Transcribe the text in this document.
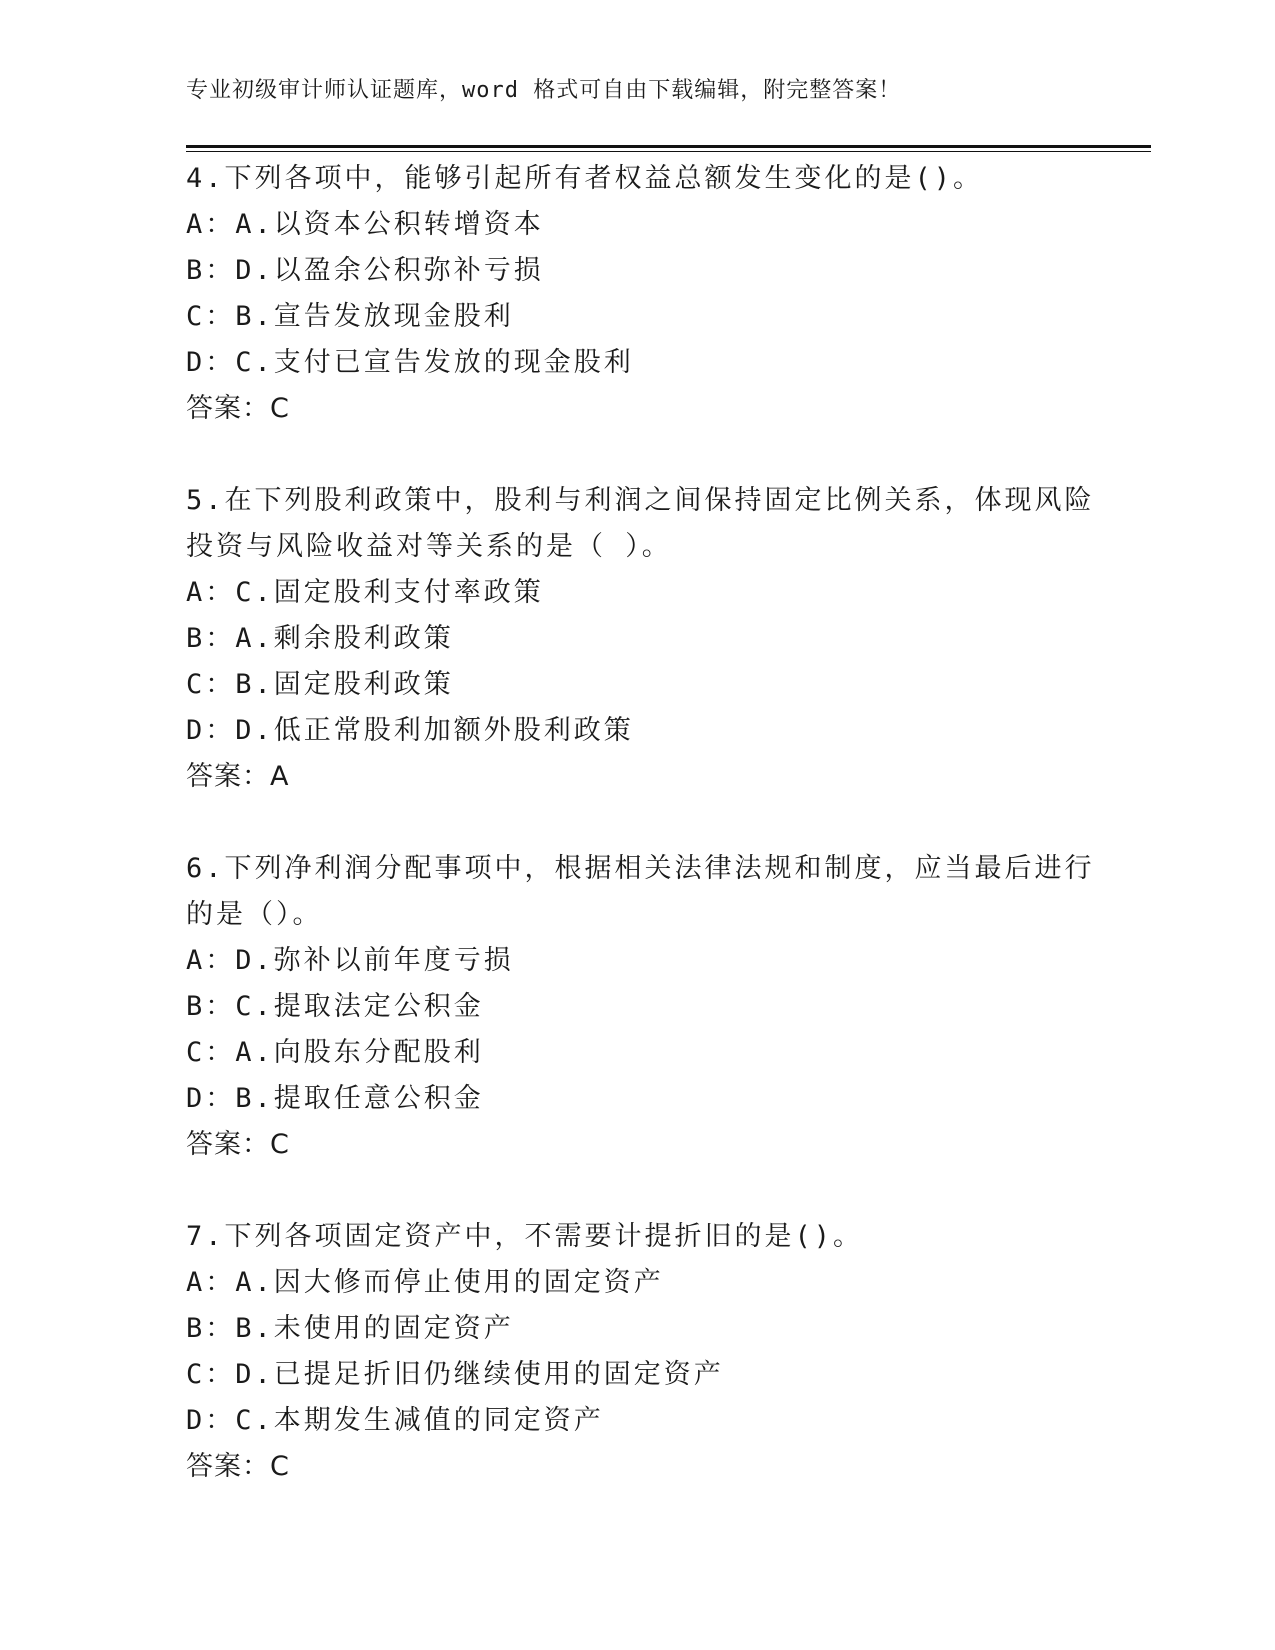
专业初级审计师认证题库，word 格式可自由下载编辑，附完整答案！
4.下列各项中，能够引起所有者权益总额发生变化的是()。
A：A.以资本公积转增资本
B：D.以盈余公积弥补亏损
C：B.宣告发放现金股利
D：C.支付已宣告发放的现金股利
答案：C
5.在下列股利政策中，股利与利润之间保持固定比例关系，体现风险
投资与风险收益对等关系的是（ ）。
A：C.固定股利支付率政策
B：A.剩余股利政策
C：B.固定股利政策
D：D.低正常股利加额外股利政策
答案：A
6.下列净利润分配事项中，根据相关法律法规和制度，应当最后进行
的是（）。
A：D.弥补以前年度亏损
B：C.提取法定公积金
C：A.向股东分配股利
D：B.提取任意公积金
答案：C
7.下列各项固定资产中，不需要计提折旧的是()。
A：A.因大修而停止使用的固定资产
B：B.未使用的固定资产
C：D.已提足折旧仍继续使用的固定资产
D：C.本期发生减值的同定资产
答案：C
